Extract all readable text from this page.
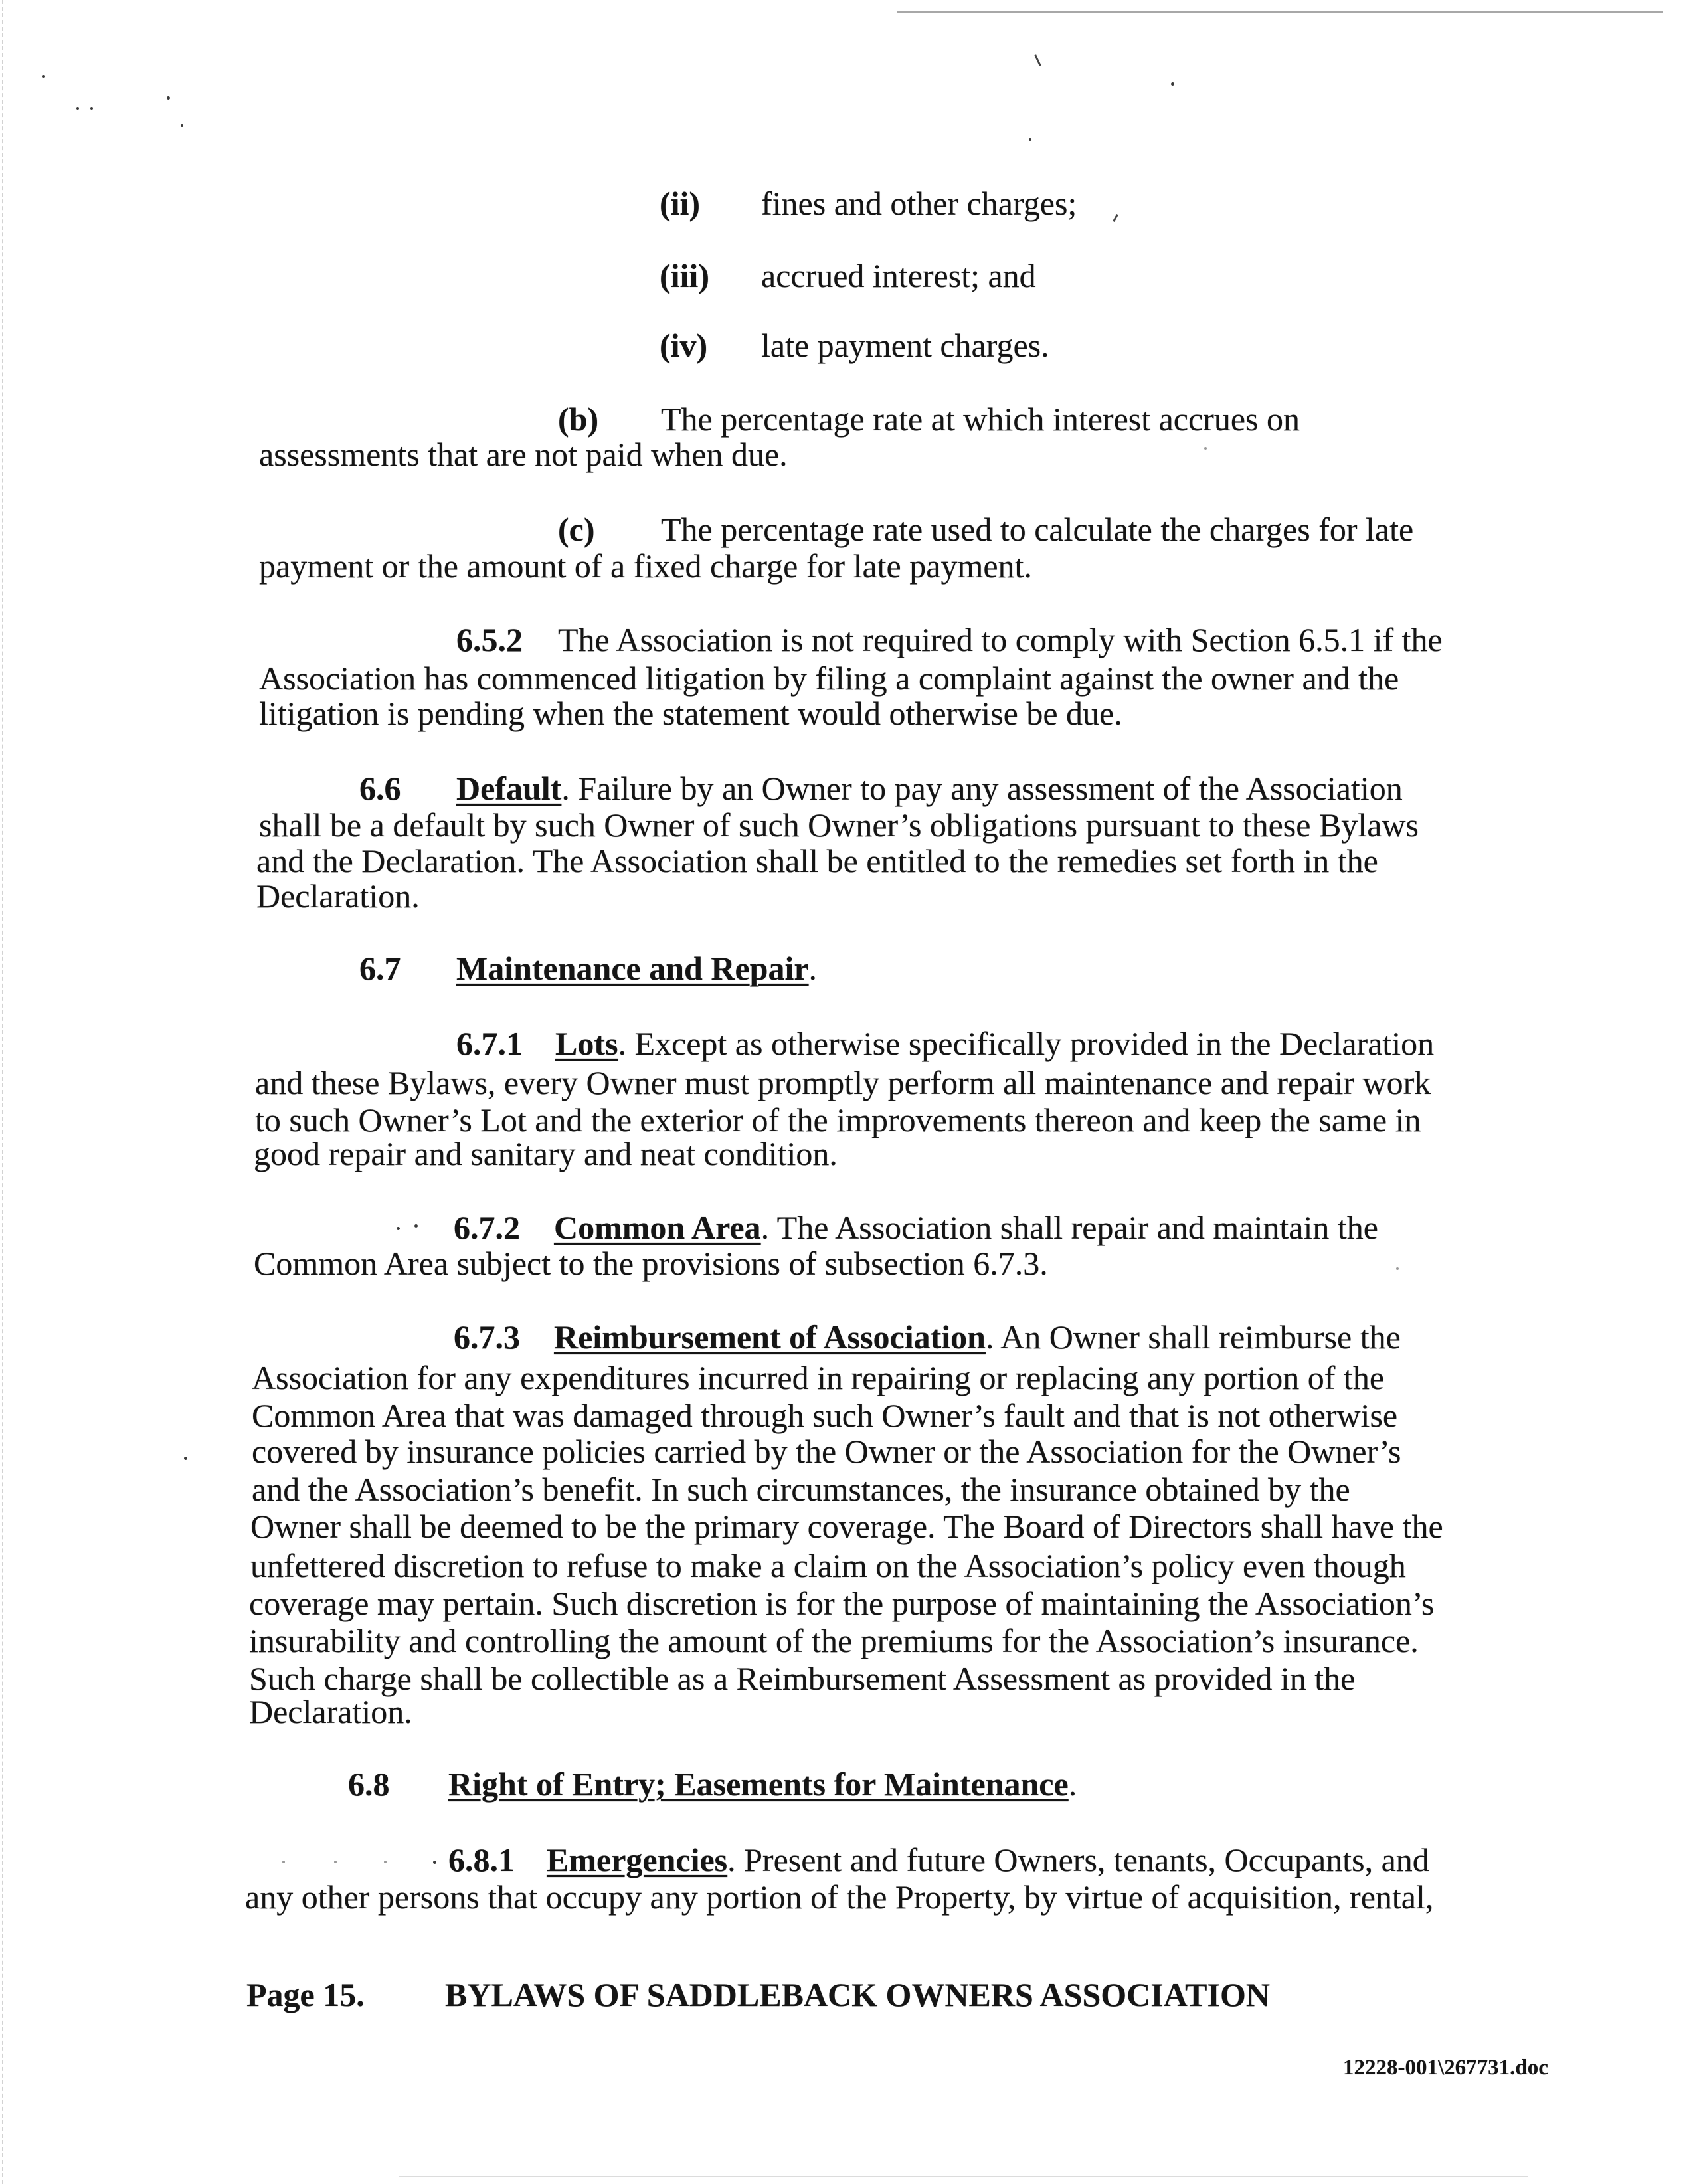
(ii) fines and other charges;
(iii) accrued interest; and
(iv) late payment charges.
(b) The percentage rate at which interest accrues on
assessments that are not paid when due.
(c) The percentage rate used to calculate the charges for late
payment or the amount of a fixed charge for late payment.
6.5.2 The Association is not required to comply with Section 6.5.1 if the
Association has commenced litigation by filing a complaint against the owner and the
litigation is pending when the statement would otherwise be due.
6.6 Default. Failure by an Owner to pay any assessment of the Association
shall be a default by such Owner of such Owner’s obligations pursuant to these Bylaws
and the Declaration. The Association shall be entitled to the remedies set forth in the
Declaration.
6.7 Maintenance and Repair.
6.7.1 Lots. Except as otherwise specifically provided in the Declaration
and these Bylaws, every Owner must promptly perform all maintenance and repair work
to such Owner’s Lot and the exterior of the improvements thereon and keep the same in
good repair and sanitary and neat condition.
6.7.2 Common Area. The Association shall repair and maintain the
Common Area subject to the provisions of subsection 6.7.3.
6.7.3 Reimbursement of Association. An Owner shall reimburse the
Association for any expenditures incurred in repairing or replacing any portion of the
Common Area that was damaged through such Owner’s fault and that is not otherwise
covered by insurance policies carried by the Owner or the Association for the Owner’s
and the Association’s benefit. In such circumstances, the insurance obtained by the
Owner shall be deemed to be the primary coverage. The Board of Directors shall have the
unfettered discretion to refuse to make a claim on the Association’s policy even though
coverage may pertain. Such discretion is for the purpose of maintaining the Association’s
insurability and controlling the amount of the premiums for the Association’s insurance.
Such charge shall be collectible as a Reimbursement Assessment as provided in the
Declaration.
6.8 Right of Entry; Easements for Maintenance.
6.8.1 Emergencies. Present and future Owners, tenants, Occupants, and
any other persons that occupy any portion of the Property, by virtue of acquisition, rental,
Page 15. BYLAWS OF SADDLEBACK OWNERS ASSOCIATION
12228-001\267731.doc
